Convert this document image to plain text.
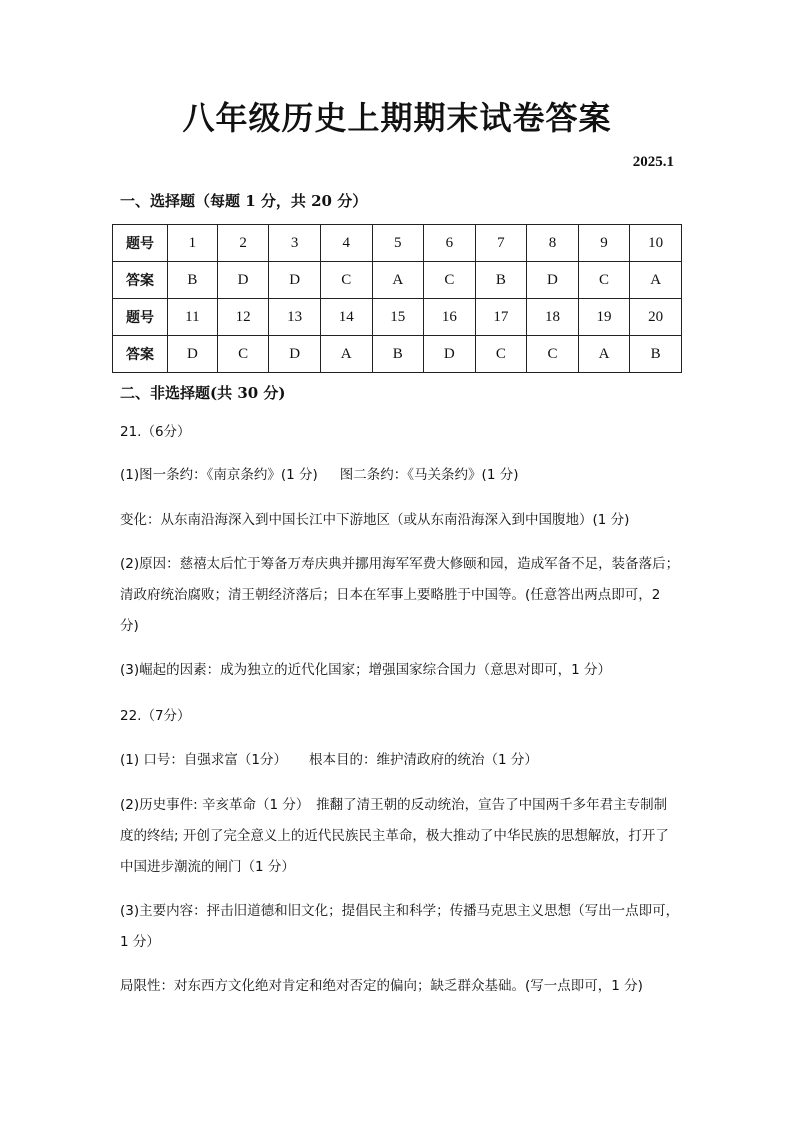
八年级历史上期期末试卷答案
2025.1
一、选择题（每题 1 分，共 20 分）
题号	1	2	3	4	5	6	7	8	9	10
答案	B	D	D	C	A	C	B	D	C	A
题号	11	12	13	14	15	16	17	18	19	20
答案	D	C	D	A	B	D	C	C	A	B
二、非选择题(共 30 分)
21.（6分）
(1)图一条约：《南京条约》(1 分) 图二条约：《马关条约》(1 分)
变化：从东南沿海深入到中国长江中下游地区（或从东南沿海深入到中国腹地）(1 分)
(2)原因：慈禧太后忙于筹备万寿庆典并挪用海军军费大修颐和园，造成军备不足，装备落后；清政府统治腐败；清王朝经济落后；日本在军事上要略胜于中国等。(任意答出两点即可，2 分)
(3)崛起的因素：成为独立的近代化国家；增强国家综合国力（意思对即可，1 分）
22.（7分）
(1) 口号：自强求富（1分） 根本目的：维护清政府的统治（1 分）
(2)历史事件: 辛亥革命（1 分）　推翻了清王朝的反动统治，宣告了中国两千多年君主专制制度的终结; 开创了完全意义上的近代民族民主革命，极大推动了中华民族的思想解放，打开了中国进步潮流的闸门（1 分）
(3)主要内容：抨击旧道德和旧文化；提倡民主和科学；传播马克思主义思想（写出一点即可，1 分）
局限性：对东西方文化绝对肯定和绝对否定的偏向；缺乏群众基础。(写一点即可，1 分)
